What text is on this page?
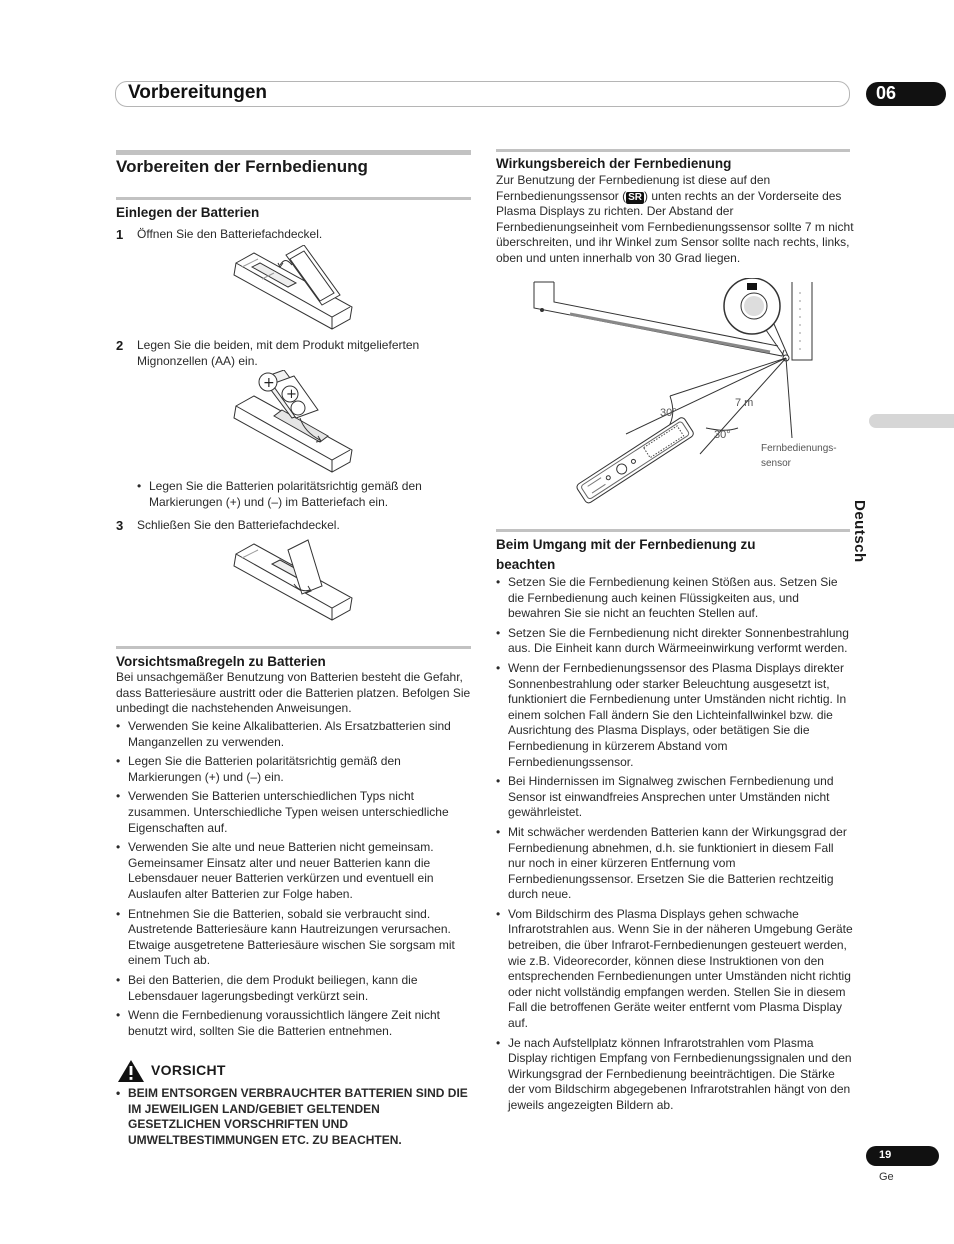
Vorbereitungen	06
Deutsch
Vorbereiten der Fernbedienung
Einlegen der Batterien
1 Öffnen Sie den Batteriefachdeckel.
2 Legen Sie die beiden, mit dem Produkt mitgelieferten Mignonzellen (AA) ein.
+
+
• Legen Sie die Batterien polaritätsrichtig gemäß den Markierungen (+) und (–) im Batteriefach ein.
3 Schließen Sie den Batteriefachdeckel.
Vorsichtsmaßregeln zu Batterien
Bei unsachgemäßer Benutzung von Batterien besteht die Gefahr, dass Batteriesäure austritt oder die Batterien platzen. Befolgen Sie unbedingt die nachstehenden Anweisungen.
• Verwenden Sie keine Alkalibatterien. Als Ersatzbatterien sind Manganzellen zu verwenden.
• Legen Sie die Batterien polaritätsrichtig gemäß den Markierungen (+) und (–) ein.
• Verwenden Sie Batterien unterschiedlichen Typs nicht zusammen. Unterschiedliche Typen weisen unterschiedliche Eigenschaften auf.
• Verwenden Sie alte und neue Batterien nicht gemeinsam. Gemeinsamer Einsatz alter und neuer Batterien kann die Lebensdauer neuer Batterien verkürzen und eventuell ein Auslaufen alter Batterien zur Folge haben.
• Entnehmen Sie die Batterien, sobald sie verbraucht sind. Austretende Batteriesäure kann Hautreizungen verursachen. Etwaige ausgetretene Batteriesäure wischen Sie sorgsam mit einem Tuch ab.
• Bei den Batterien, die dem Produkt beiliegen, kann die Lebensdauer lagerungsbedingt verkürzt sein.
• Wenn die Fernbedienung voraussichtlich längere Zeit nicht benutzt wird, sollten Sie die Batterien entnehmen.
VORSICHT
• BEIM ENTSORGEN VERBRAUCHTER BATTERIEN SIND DIE IM JEWEILIGEN LAND/GEBIET GELTENDEN GESETZLICHEN VORSCHRIFTEN UND UMWELTBESTIMMUNGEN ETC. ZU BEACHTEN.
Wirkungsbereich der Fernbedienung
Zur Benutzung der Fernbedienung ist diese auf den Fernbedienungssensor ( SR ) unten rechts an der Vorderseite des Plasma Displays zu richten. Der Abstand der Fernbedienungseinheit vom Fernbedienungssensor sollte 7 m nicht überschreiten, und ihr Winkel zum Sensor sollte nach rechts, links, oben und unten innerhalb von 30 Grad liegen.
30°
7 m
30°
Fernbedienungs-
sensor
Beim Umgang mit der Fernbedienung zu
beachten
• Setzen Sie die Fernbedienung keinen Stößen aus. Setzen Sie die Fernbedienung auch keinen Flüssigkeiten aus, und bewahren Sie sie nicht an feuchten Stellen auf.
• Setzen Sie die Fernbedienung nicht direkter Sonnenbestrahlung aus. Die Einheit kann durch Wärmeeinwirkung verformt werden.
• Wenn der Fernbedienungssensor des Plasma Displays direkter Sonnenbestrahlung oder starker Beleuchtung ausgesetzt ist, funktioniert die Fernbedienung unter Umständen nicht richtig. In einem solchen Fall ändern Sie den Lichteinfallwinkel bzw. die Ausrichtung des Plasma Displays, oder betätigen Sie die Fernbedienung in kürzerem Abstand vom Fernbedienungssensor.
• Bei Hindernissen im Signalweg zwischen Fernbedienung und Sensor ist einwandfreies Ansprechen unter Umständen nicht gewährleistet.
• Mit schwächer werdenden Batterien kann der Wirkungsgrad der Fernbedienung abnehmen, d.h. sie funktioniert in diesem Fall nur noch in einer kürzeren Entfernung vom Fernbedienungssensor. Ersetzen Sie die Batterien rechtzeitig durch neue.
• Vom Bildschirm des Plasma Displays gehen schwache Infrarotstrahlen aus. Wenn Sie in der näheren Umgebung Geräte betreiben, die über Infrarot-Fernbedienungen gesteuert werden, wie z.B. Videorecorder, können diese Instruktionen von den entsprechenden Fernbedienungen unter Umständen nicht richtig oder nicht vollständig empfangen werden. Stellen Sie in diesem Fall die betroffenen Geräte weiter entfernt vom Plasma Display auf.
• Je nach Aufstellplatz können Infrarotstrahlen vom Plasma Display richtigen Empfang von Fernbedienungssignalen und den Wirkungsgrad der Fernbedienung beeinträchtigen. Die Stärke der vom Bildschirm abgegebenen Infrarotstrahlen hängt von den jeweils angezeigten Bildern ab.
19
Ge
